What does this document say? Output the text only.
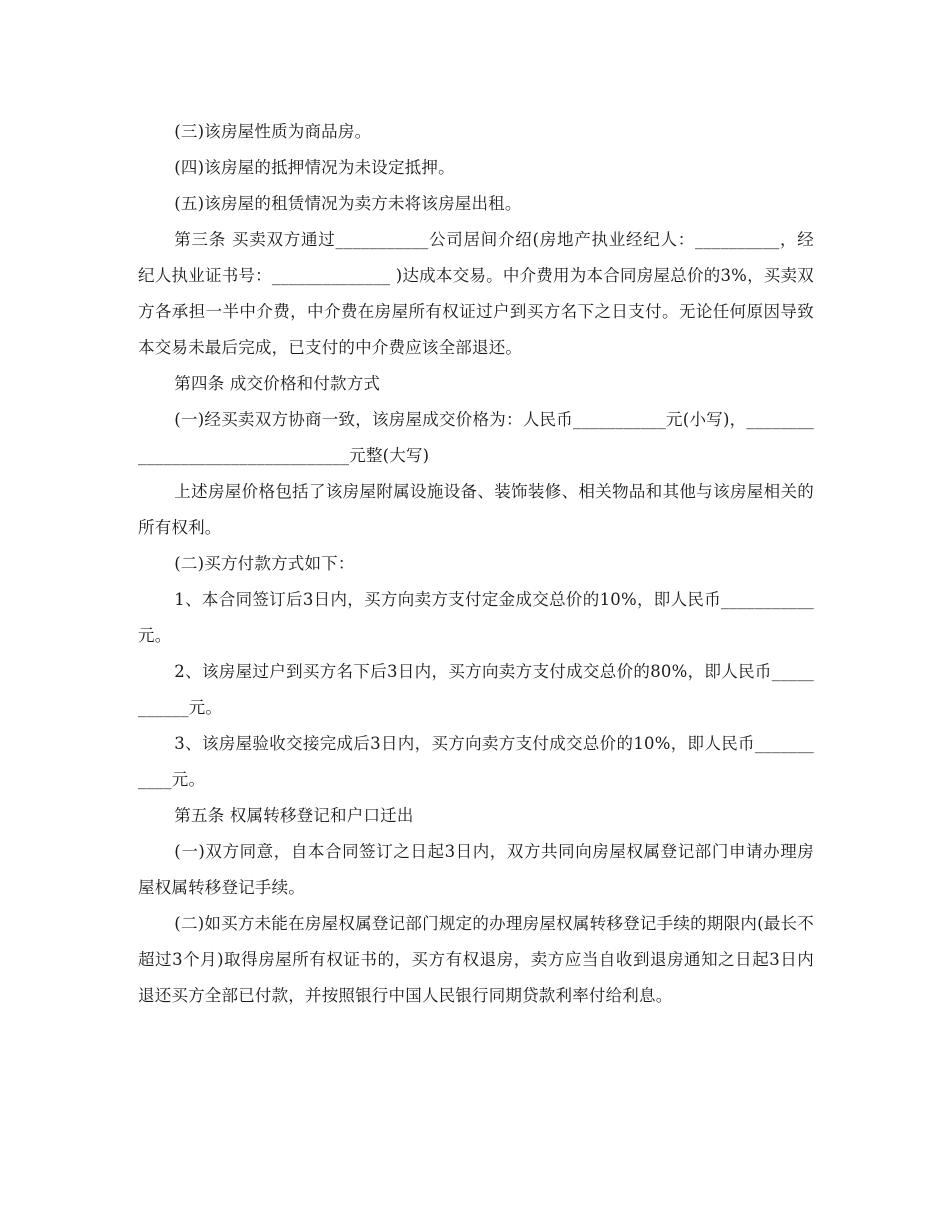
(三)该房屋性质为商品房。

(四)该房屋的抵押情况为未设定抵押。

(五)该房屋的租赁情况为卖方未将该房屋出租。

第三条 买卖双方通过___________公司居间介绍(房地产执业经纪人：__________，经纪人执业证书号：______________ )达成本交易。中介费用为本合同房屋总价的3%，买卖双方各承担一半中介费，中介费在房屋所有权证过户到买方名下之日支付。无论任何原因导致本交易未最后完成，已支付的中介费应该全部退还。

第四条 成交价格和付款方式

(一)经买卖双方协商一致，该房屋成交价格为：人民币___________元(小写)，_________________________________元整(大写)

上述房屋价格包括了该房屋附属设施设备、装饰装修、相关物品和其他与该房屋相关的所有权利。

(二)买方付款方式如下：

1、本合同签订后3日内，买方向卖方支付定金成交总价的10%，即人民币___________元。

2、该房屋过户到买方名下后3日内，买方向卖方支付成交总价的80%，即人民币___________元。

3、该房屋验收交接完成后3日内，买方向卖方支付成交总价的10%，即人民币___________元。

第五条 权属转移登记和户口迁出

(一)双方同意，自本合同签订之日起3日内，双方共同向房屋权属登记部门申请办理房屋权属转移登记手续。

(二)如买方未能在房屋权属登记部门规定的办理房屋权属转移登记手续的期限内(最长不超过3个月)取得房屋所有权证书的，买方有权退房，卖方应当自收到退房通知之日起3日内退还买方全部已付款，并按照银行中国人民银行同期贷款利率付给利息。
